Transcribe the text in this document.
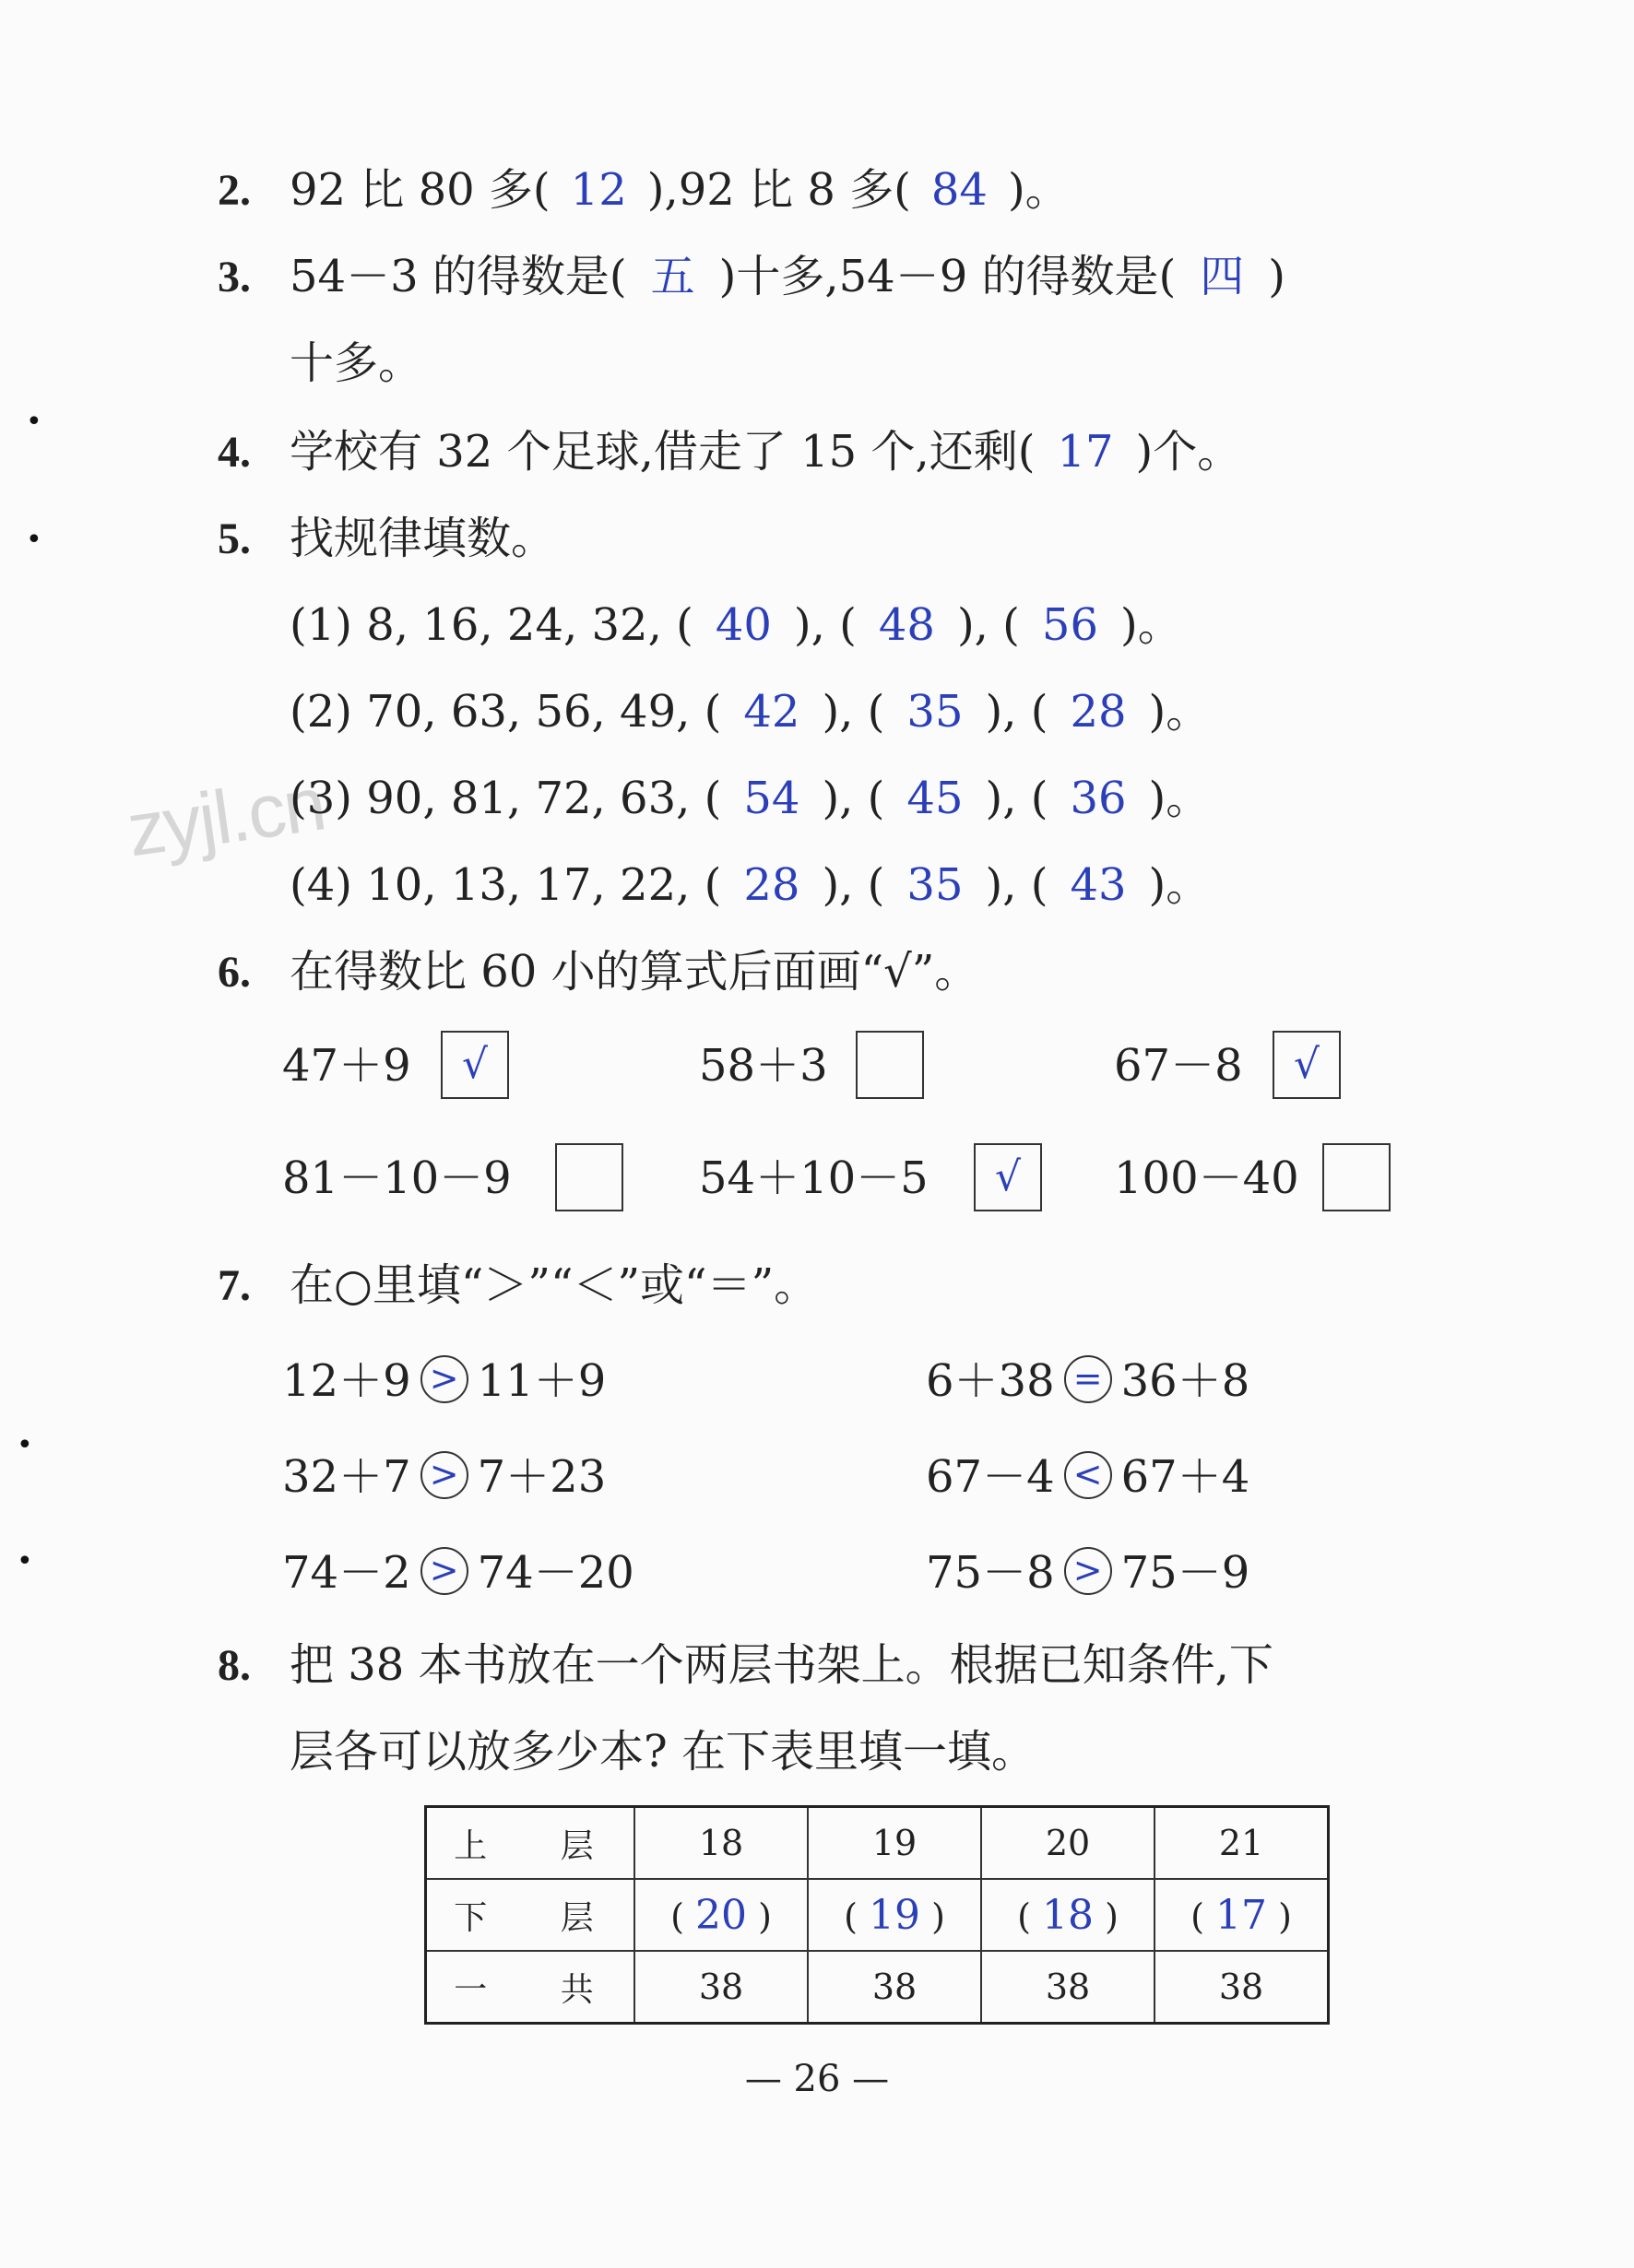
•
•
•
•
zyjl.cn
2. 92 比 80 多( 12 ),92 比 8 多( 84 )。
3. 54－3 的得数是( 五 )十多,54－9 的得数是( 四 )
十多。
4. 学校有 32 个足球,借走了 15 个,还剩( 17 )个。
5. 找规律填数。
(1) 8, 16, 24, 32, ( 40 ), ( 48 ), ( 56 )。
(2) 70, 63, 56, 49, ( 42 ), ( 35 ), ( 28 )。
(3) 90, 81, 72, 63, ( 54 ), ( 45 ), ( 36 )。
(4) 10, 13, 17, 22, ( 28 ), ( 35 ), ( 43 )。
6. 在得数比 60 小的算式后面画“√”。
47＋9	√	58＋3	67－8	√
81－10－9	54＋10－5	√	100－40
7. 在○里填“＞”“＜”或“＝”。
12＋9 > 11＋9	6＋38 = 36＋8
32＋7 > 7＋23	67－4 < 67＋4
74－2 > 74－20	75－8 > 75－9
8. 把 38 本书放在一个两层书架上。根据已知条件,下
层各可以放多少本? 在下表里填一填。
上 层	18	19	20	21
下 层	( 20 )	( 19 )	( 18 )	( 17 )
一 共	38	38	38	38
— 26 —
